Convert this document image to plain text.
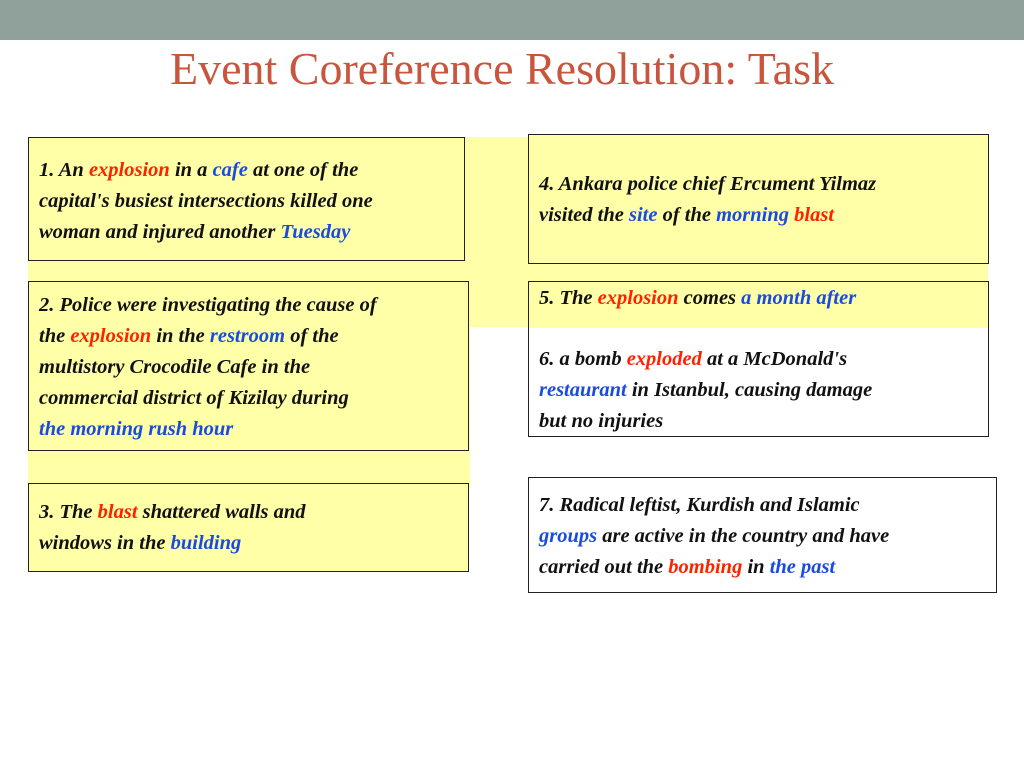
Event Coreference Resolution: Task
1. An explosion in a cafe at one of the
capital's busiest intersections killed one
woman and injured another Tuesday
2. Police were investigating the cause of
the explosion in the restroom of the
multistory Crocodile Cafe in the
commercial district of Kizilay during
the morning rush hour
3. The blast shattered walls and
windows in the building
4. Ankara police chief Ercument Yilmaz
visited the site of the morning blast
5. The explosion comes a month after
6. a bomb exploded at a McDonald's
restaurant in Istanbul, causing damage
but no injuries
7. Radical leftist, Kurdish and Islamic
groups are active in the country and have
carried out the bombing in the past
